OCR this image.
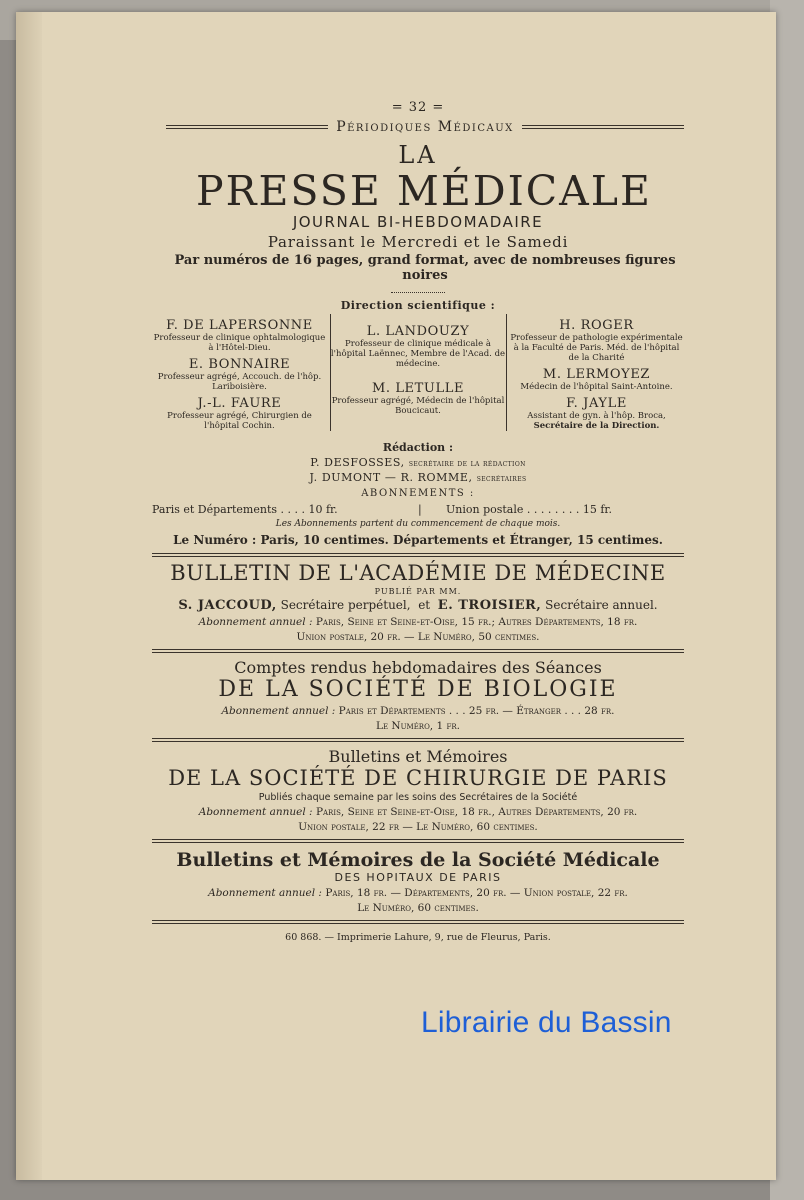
= 32 =
Périodiques Médicaux
LA
PRESSE MÉDICALE
JOURNAL BI-HEBDOMADAIRE
Paraissant le Mercredi et le Samedi
Par numéros de 16 pages, grand format, avec de nombreuses figures noires
Direction scientifique :
F. DE LAPERSONNE
Professeur de clinique ophtalmologique à l'Hôtel-Dieu.
E. BONNAIRE
Professeur agrégé, Accouch. de l'hôp. Lariboisière.
J.-L. FAURE
Professeur agrégé, Chirurgien de l'hôpital Cochin.
L. LANDOUZY
Professeur de clinique médicale à l'hôpital Laënnec, Membre de l'Acad. de médecine.
M. LETULLE
Professeur agrégé, Médecin de l'hôpital Boucicaut.
H. ROGER
Professeur de pathologie expérimentale à la Faculté de Paris. Méd. de l'hôpital de la Charité
M. LERMOYEZ
Médecin de l'hôpital Saint-Antoine.
F. JAYLE
Assistant de gyn. à l'hôp. Broca,
Secrétaire de la Direction.
Rédaction :
P. DESFOSSES, secrétaire de la rédaction
J. DUMONT — R. ROMME, secrétaires
ABONNEMENTS :
Paris et Départements . . . . 10 fr.	|	Union postale . . . . . . . . 15 fr.
Les Abonnements partent du commencement de chaque mois.
Le Numéro : Paris, 10 centimes. Départements et Étranger, 15 centimes.
BULLETIN DE L'ACADÉMIE DE MÉDECINE
PUBLIÉ PAR MM.
S. JACCOUD, Secrétaire perpétuel, et E. TROISIER, Secrétaire annuel.
Abonnement annuel : Paris, Seine et Seine-et-Oise, 15 fr.; Autres Départements, 18 fr.
Union postale, 20 fr. — Le Numéro, 50 centimes.
Comptes rendus hebdomadaires des Séances
DE LA SOCIÉTÉ DE BIOLOGIE
Abonnement annuel : Paris et Départements . . . 25 fr. — Étranger . . . 28 fr.
Le Numéro, 1 fr.
Bulletins et Mémoires
DE LA SOCIÉTÉ DE CHIRURGIE DE PARIS
Publiés chaque semaine par les soins des Secrétaires de la Société
Abonnement annuel : Paris, Seine et Seine-et-Oise, 18 fr., Autres Départements, 20 fr.
Union postale, 22 fr — Le Numéro, 60 centimes.
Bulletins et Mémoires de la Société Médicale
DES HOPITAUX DE PARIS
Abonnement annuel : Paris, 18 fr. — Départements, 20 fr. — Union postale, 22 fr.
Le Numéro, 60 centimes.
60 868. — Imprimerie Lahure, 9, rue de Fleurus, Paris.
Librairie du Bassin
